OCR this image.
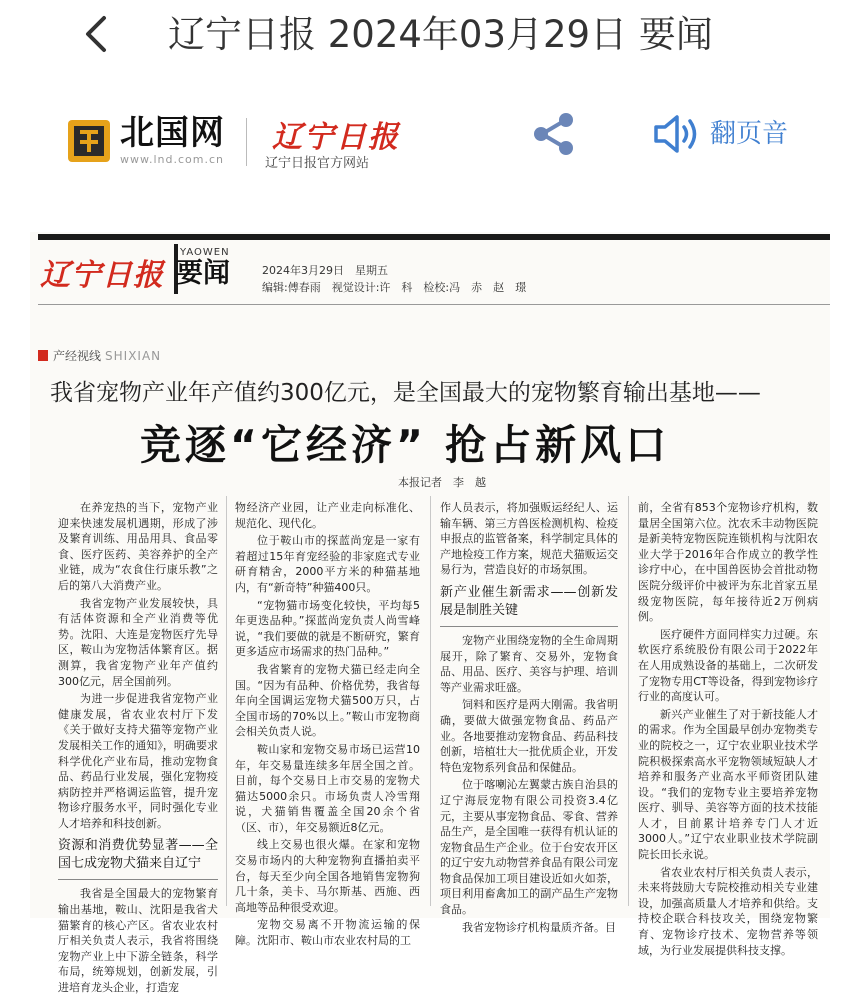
辽宁日报 2024年03月29日 要闻
北国网
www.lnd.com.cn
辽宁日报
辽宁日报官方网站
翻页音
辽宁日报
YAOWEN
要闻	2024年3月29日　星期五
编辑:傅春雨　视觉设计:许　科　检校:冯　赤　赵　璟
产经视线 SHIXIAN
我省宠物产业年产值约300亿元，是全国最大的宠物繁育输出基地——
竞逐“它经济” 抢占新风口
本报记者　李　越

在养宠热的当下，宠物产业迎来快速发展机遇期，形成了涉及繁育训练、用品用具、食品零食、医疗医药、美容养护的全产业链，成为“农食住行康乐教”之后的第八大消费产业。

我省宠物产业发展较快，具有活体资源和全产业消费等优势。沈阳、大连是宠物医疗先导区，鞍山为宠物活体繁育区。据测算，我省宠物产业年产值约300亿元，居全国前列。

为进一步促进我省宠物产业健康发展，省农业农村厅下发《关于做好支持犬猫等宠物产业发展相关工作的通知》，明确要求科学优化产业布局，推动宠物食品、药品行业发展，强化宠物疫病防控并严格调运监管，提升宠物诊疗服务水平，同时强化专业人才培养和科技创新。

资源和消费优势显著——全国七成宠物犬猫来自辽宁

我省是全国最大的宠物繁育输出基地，鞍山、沈阳是我省犬猫繁育的核心产区。省农业农村厅相关负责人表示，我省将围绕宠物产业上中下游全链条，科学布局，统筹规划，创新发展，引进培育龙头企业，打造宠

物经济产业园，让产业走向标准化、规范化、现代化。

位于鞍山市的探蓝尚宠是一家有着超过15年育宠经验的非家庭式专业研育精舍，2000平方米的种猫基地内，有“新奇特”种猫400只。

“宠物猫市场变化较快，平均每5年更迭品种。”探蓝尚宠负责人尚雪峰说，“我们要做的就是不断研究，繁育更多适应市场需求的热门品种。”

我省繁育的宠物犬猫已经走向全国。“因为有品种、价格优势，我省每年向全国调运宠物犬猫500万只，占全国市场的70%以上。”鞍山市宠物商会相关负责人说。

鞍山家和宠物交易市场已运营10年，年交易量连续多年居全国之首。目前，每个交易日上市交易的宠物犬猫达5000余只。市场负责人冷雪翔说，犬猫销售覆盖全国20余个省（区、市），年交易额近8亿元。

线上交易也很火爆。在家和宠物交易市场内的大种宠物狗直播拍卖平台，每天至少向全国各地销售宠物狗几十条，美卡、马尔斯基、西施、西高地等品种很受欢迎。

宠物交易离不开物流运输的保障。沈阳市、鞍山市农业农村局的工

作人员表示，将加强贩运经纪人、运输车辆、第三方兽医检测机构、检疫申报点的监管备案，科学制定具体的产地检疫工作方案，规范犬猫贩运交易行为，营造良好的市场氛围。

新产业催生新需求——创新发展是制胜关键

宠物产业围绕宠物的全生命周期展开，除了繁育、交易外，宠物食品、用品、医疗、美容与护理、培训等产业需求旺盛。

饲料和医疗是两大刚需。我省明确，要做大做强宠物食品、药品产业。各地要推动宠物食品、药品科技创新，培植壮大一批优质企业，开发特色宠物系列食品和保健品。

位于喀喇沁左翼蒙古族自治县的辽宁海辰宠物有限公司投资3.4亿元，主要从事宠物食品、零食、营养品生产，是全国唯一获得有机认证的宠物食品生产企业。位于台安农开区的辽宁安九动物营养食品有限公司宠物食品保加工项目建设近如火如荼，项目利用畜禽加工的副产品生产宠物食品。

我省宠物诊疗机构量质齐备。目

前，全省有853个宠物诊疗机构，数量居全国第六位。沈农禾丰动物医院是新美特宠物医院连锁机构与沈阳农业大学于2016年合作成立的教学性诊疗中心，在中国兽医协会首批动物医院分级评价中被评为东北首家五星级宠物医院，每年接待近2万例病例。

医疗硬件方面同样实力过硬。东软医疗系统股份有限公司于2022年在人用成熟设备的基础上，二次研发了宠物专用CT等设备，得到宠物诊疗行业的高度认可。

新兴产业催生了对于新技能人才的需求。作为全国最早创办宠物类专业的院校之一，辽宁农业职业技术学院积极探索高水平宠物领域短缺人才培养和服务产业高水平师资团队建设。“我们的宠物专业主要培养宠物医疗、驯导、美容等方面的技术技能人才，目前累计培养专门人才近3000人。”辽宁农业职业技术学院副院长田长永说。

省农业农村厅相关负责人表示，未来将鼓励大专院校推动相关专业建设，加强高质量人才培养和供给。支持校企联合科技攻关，围绕宠物繁育、宠物诊疗技术、宠物营养等领域，为行业发展提供科技支撑。
